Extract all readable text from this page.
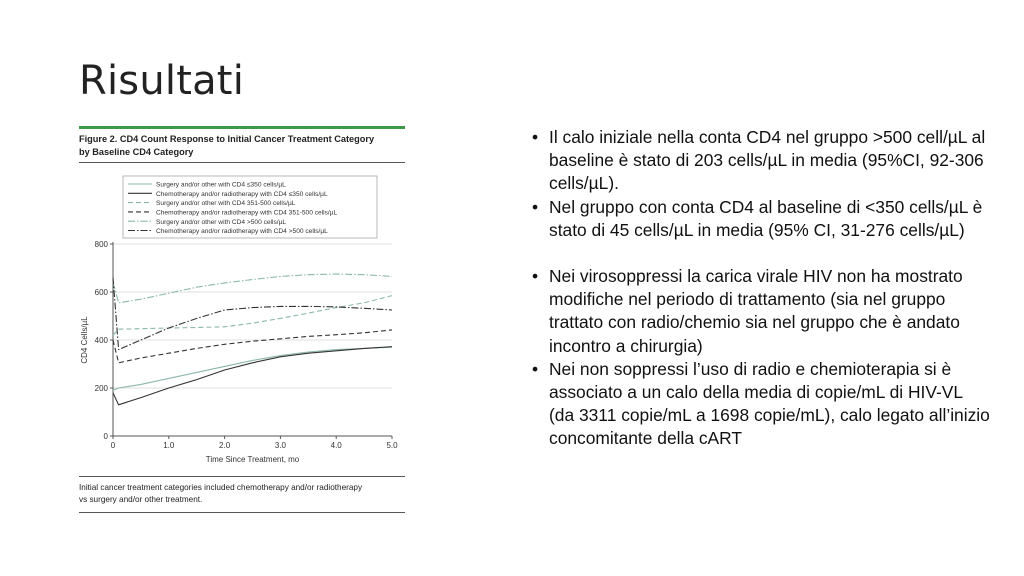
Risultati
Figure 2. CD4 Count Response to Initial Cancer Treatment Category
by Baseline CD4 Category
0
200
400
600
800
0	1.0	2.0	3.0	4.0	5.0
Time Since Treatment, mo
CD4 Cells/µL
Surgery and/or other with CD4 ≤350 cells/µL
Chemotherapy and/or radiotherapy with CD4 ≤350 cells/µL
Surgery and/or other with CD4 351-500 cells/µL
Chemotherapy and/or radiotherapy with CD4 351-500 cells/µL
Surgery and/or other with CD4 >500 cells/µL
Chemotherapy and/or radiotherapy with CD4 >500 cells/µL
Initial cancer treatment categories included chemotherapy and/or radiotherapy
vs surgery and/or other treatment.
• Il calo iniziale nella conta CD4 nel gruppo >500 cell/µL al baseline è stato di 203 cells/µL in media (95%CI, 92-306 cells/µL).
• Nel gruppo con conta CD4 al baseline di <350 cells/µL è stato di 45 cells/µL in media (95% CI, 31-276 cells/µL)
• Nei virosoppressi la carica virale HIV non ha mostrato modifiche nel periodo di trattamento (sia nel gruppo trattato con radio/chemio sia nel gruppo che è andato incontro a chirurgia)
• Nei non soppressi l’uso di radio e chemioterapia si è associato a un calo della media di copie/mL di HIV-VL (da 3311 copie/mL a 1698 copie/mL), calo legato all’inizio concomitante della cART
